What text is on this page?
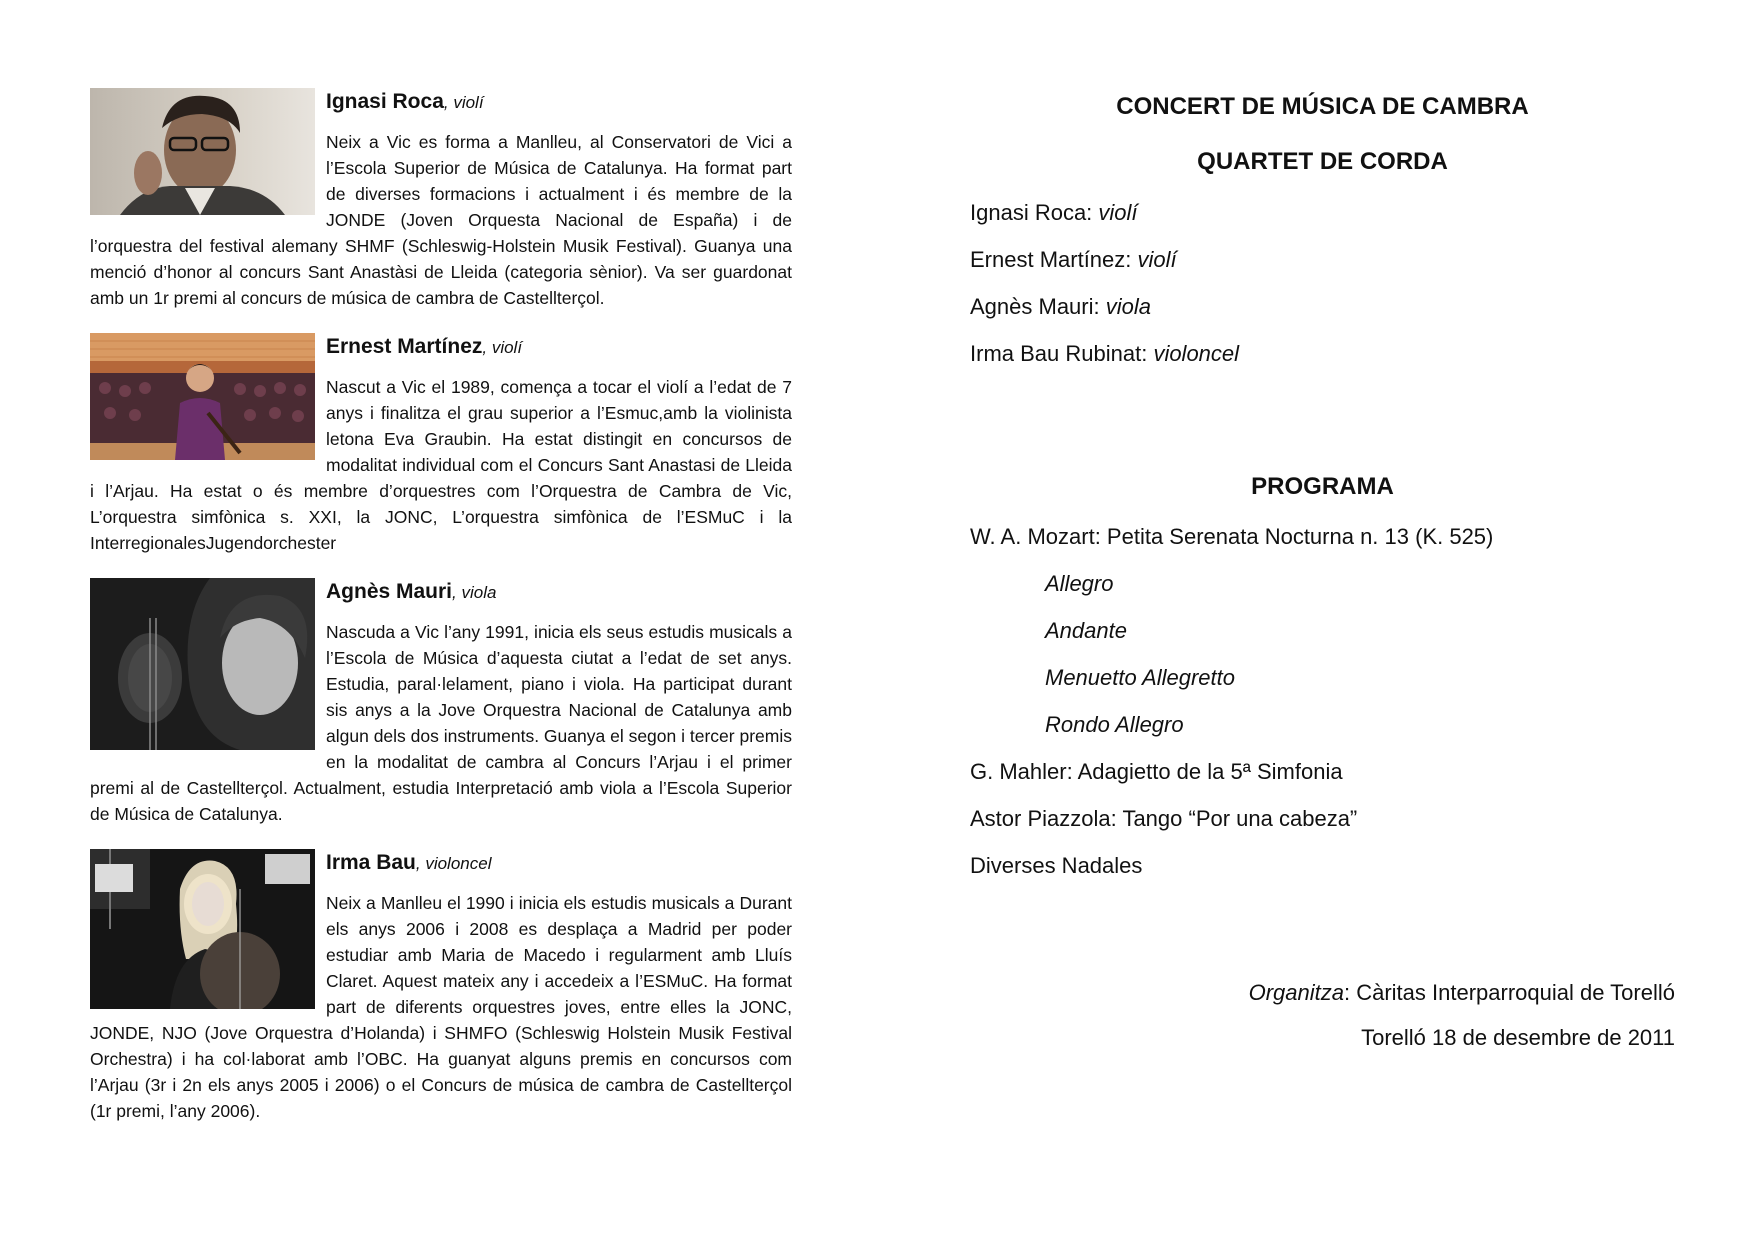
Ignasi Roca, violí

Neix a Vic es forma a Manlleu, al Conservatori de Vici a l’Escola Superior de Música de Catalunya. Ha format part de diverses formacions i actualment i és membre de la JONDE (Joven Orquesta Nacional de España) i de l’orquestra del festival alemany SHMF (Schleswig-Holstein Musik Festival). Guanya una menció d’honor al concurs Sant Anastàsi de Lleida (categoria sènior). Va ser guardonat amb un 1r premi al concurs de música de cambra de Castellterçol.

Ernest Martínez, violí

Nascut a Vic el 1989, comença a tocar el violí a l’edat de 7 anys i finalitza el grau superior a l’Esmuc,amb la violinista letona Eva Graubin. Ha estat distingit en concursos de modalitat individual com el Concurs Sant Anastasi de Lleida i l’Arjau. Ha estat o és membre d’orquestres com l’Orquestra de Cambra de Vic, L’orquestra simfònica s. XXI, la JONC, L’orquestra simfònica de l’ESMuC i la InterregionalesJugendorchester

Agnès Mauri, viola

Nascuda a Vic l’any 1991, inicia els seus estudis musicals a l’Escola de Música d’aquesta ciutat a l’edat de set anys. Estudia, paral·lelament, piano i viola. Ha participat durant sis anys a la Jove Orquestra Nacional de Catalunya amb algun dels dos instruments. Guanya el segon i tercer premis en la modalitat de cambra al Concurs l’Arjau i el primer premi al de Castellterçol. Actualment, estudia Interpretació amb viola a l’Escola Superior de Música de Catalunya.

Irma Bau, violoncel

Neix a Manlleu el 1990 i inicia els estudis musicals a Durant els anys 2006 i 2008 es desplaça a Madrid per poder estudiar amb Maria de Macedo i regularment amb Lluís Claret. Aquest mateix any i accedeix a l’ESMuC. Ha format part de diferents orquestres joves, entre elles la JONC, JONDE, NJO (Jove Orquestra d’Holanda) i SHMFO (Schleswig Holstein Musik Festival Orchestra) i ha col·laborat amb l’OBC. Ha guanyat alguns premis en concursos com l’Arjau (3r i 2n els anys 2005 i 2006) o el Concurs de música de cambra de Castellterçol (1r premi, l’any 2006).

CONCERT DE MÚSICA DE CAMBRA

QUARTET DE CORDA

Ignasi Roca: violí

Ernest Martínez: violí

Agnès Mauri: viola

Irma Bau Rubinat: violoncel

PROGRAMA

W. A. Mozart: Petita Serenata Nocturna n. 13 (K. 525)

Allegro

Andante

Menuetto Allegretto

Rondo Allegro

G. Mahler: Adagietto de la 5ª Simfonia

Astor Piazzola: Tango “Por una cabeza”

Diverses Nadales

Organitza: Càritas Interparroquial de Torelló
Torelló 18 de desembre de 2011
